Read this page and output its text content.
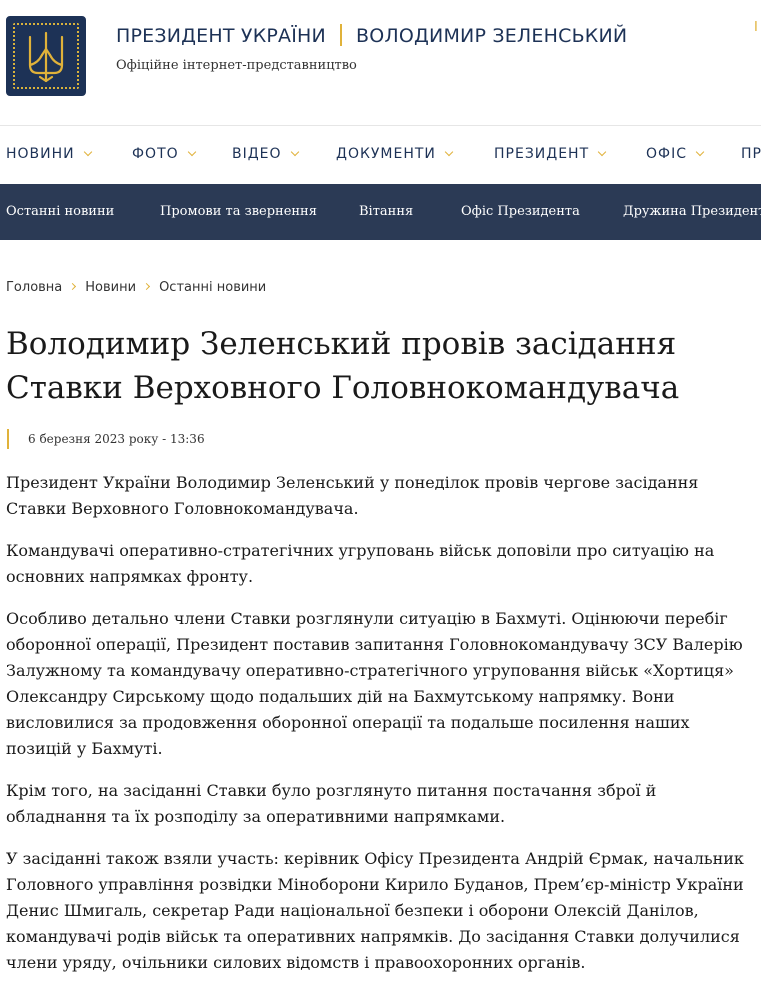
ПРЕЗИДЕНТ УКРАЇНИ ВОЛОДИМИР ЗЕЛЕНСЬКИЙ
Офіційне інтернет-представництво
I
НОВИНИ	ФОТО	ВІДЕО	ДОКУМЕНТИ	ПРЕЗИДЕНТ	ОФІС	ПР
Останні новини	Промови та звернення	Вітання	Офіс Президента	Дружина Президента
Головна Новини Останні новини
Володимир Зеленський провів засідання Ставки Верховного Головнокомандувача
6 березня 2023 року - 13:36

Президент України Володимир Зеленський у понеділок провів чергове засідання Ставки Верховного Головнокомандувача.

Командувачі оперативно-стратегічних угруповань військ доповіли про ситуацію на основних напрямках фронту.

Особливо детально члени Ставки розглянули ситуацію в Бахмуті. Оцінюючи перебіг оборонної операції, Президент поставив запитання Головнокомандувачу ЗСУ Валерію Залужному та командувачу оперативно-стратегічного угруповання військ «Хортиця» Олександру Сирському щодо подальших дій на Бахмутському напрямку. Вони висловилися за продовження оборонної операції та подальше посилення наших позицій у Бахмуті.

Крім того, на засіданні Ставки було розглянуто питання постачання зброї й обладнання та їх розподілу за оперативними напрямками.

У засіданні також взяли участь: керівник Офісу Президента Андрій Єрмак, начальник Головного управління розвідки Міноборони Кирило Буданов, Прем’єр-міністр України Денис Шмигаль, секретар Ради національної безпеки і оборони Олексій Данілов, командувачі родів військ та оперативних напрямків. До засідання Ставки долучилися члени уряду, очільники силових відомств і правоохоронних органів.
